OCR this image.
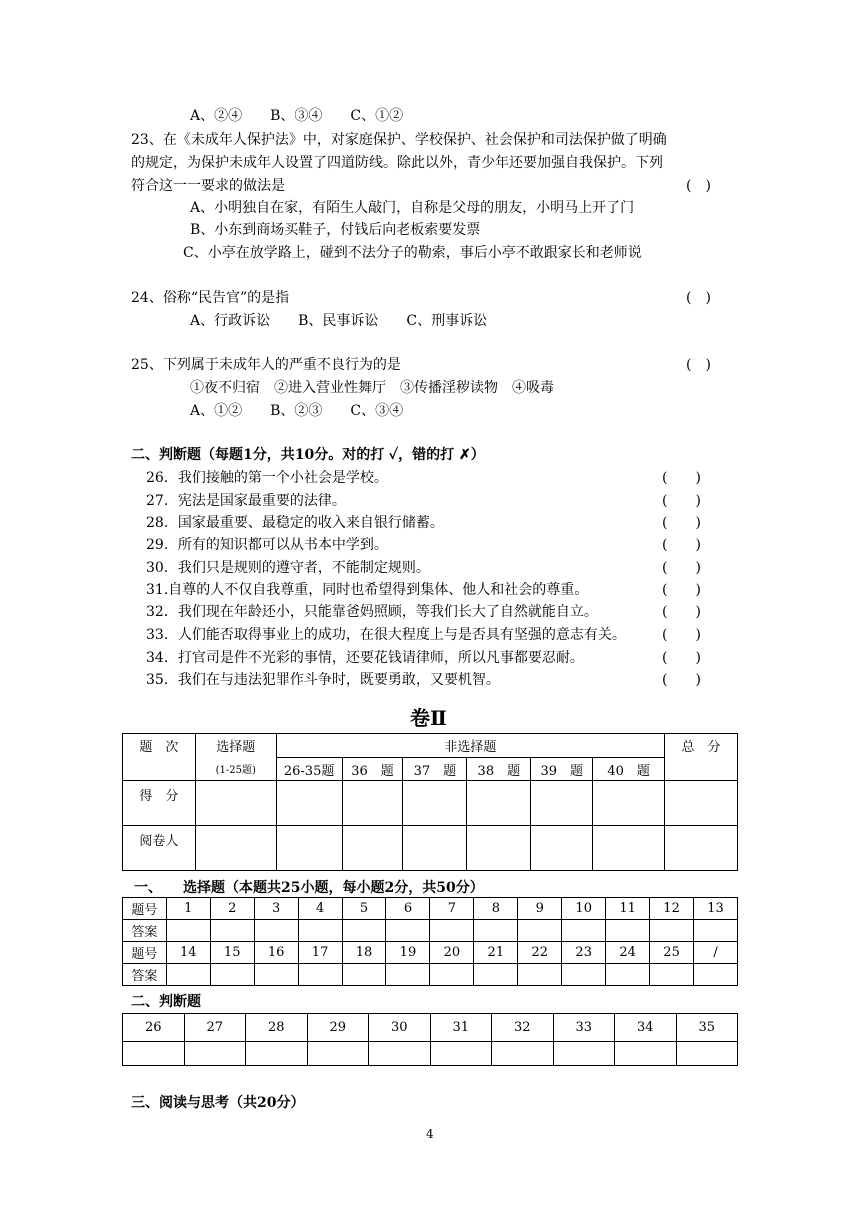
A、②④　　B、③④　　C、①②
23、在《未成年人保护法》中，对家庭保护、学校保护、社会保护和司法保护做了明确
的规定，为保护未成年人设置了四道防线。除此以外，青少年还要加强自我保护。下列
符合这一一要求的做法是	(　)
A、小明独自在家，有陌生人敲门，自称是父母的朋友，小明马上开了门
B、小东到商场买鞋子，付钱后向老板索要发票
C、小亭在放学路上，碰到不法分子的勒索，事后小亭不敢跟家长和老师说
24、俗称“民告官”的是指	(　)
A、行政诉讼　　B、民事诉讼　　C、刑事诉讼
25、下列属于未成年人的严重不良行为的是	(　)
①夜不归宿　②进入营业性舞厅　③传播淫秽读物　④吸毒
A、①②　　B、②③　　C、③④
二、判断题（每题1分，共10分。对的打 ✓，错的打 ✗）
26．我们接触的第一个小社会是学校。	(　　)
27．宪法是国家最重要的法律。	(　　)
28．国家最重要、最稳定的收入来自银行储蓄。	(　　)
29．所有的知识都可以从书本中学到。	(　　)
30．我们只是规则的遵守者，不能制定规则。	(　　)
31.自尊的人不仅自我尊重，同时也希望得到集体、他人和社会的尊重。	(　　)
32．我们现在年龄还小，只能靠爸妈照顾，等我们长大了自然就能自立。	(　　)
33．人们能否取得事业上的成功，在很大程度上与是否具有坚强的意志有关。	(　　)
34．打官司是件不光彩的事情，还要花钱请律师，所以凡事都要忍耐。	(　　)
35．我们在与违法犯罪作斗争时，既要勇敢，又要机智。	(　　)
卷Ⅱ
题　次	选择题	非选择题						总　分
	(1-25题)	26-35题	36　题	37　题	38　题	39　题	40　题	
得　分								
阅卷人								
一、　　选择题（本题共25小题，每小题2分，共50分）
题号	1	2	3	4	5	6	7	8	9	10	11	12	13
答案													
题号	14	15	16	17	18	19	20	21	22	23	24	25	/
答案													
二、判断题
26	27	28	29	30	31	32	33	34	35

三、阅读与思考（共20分）
4
